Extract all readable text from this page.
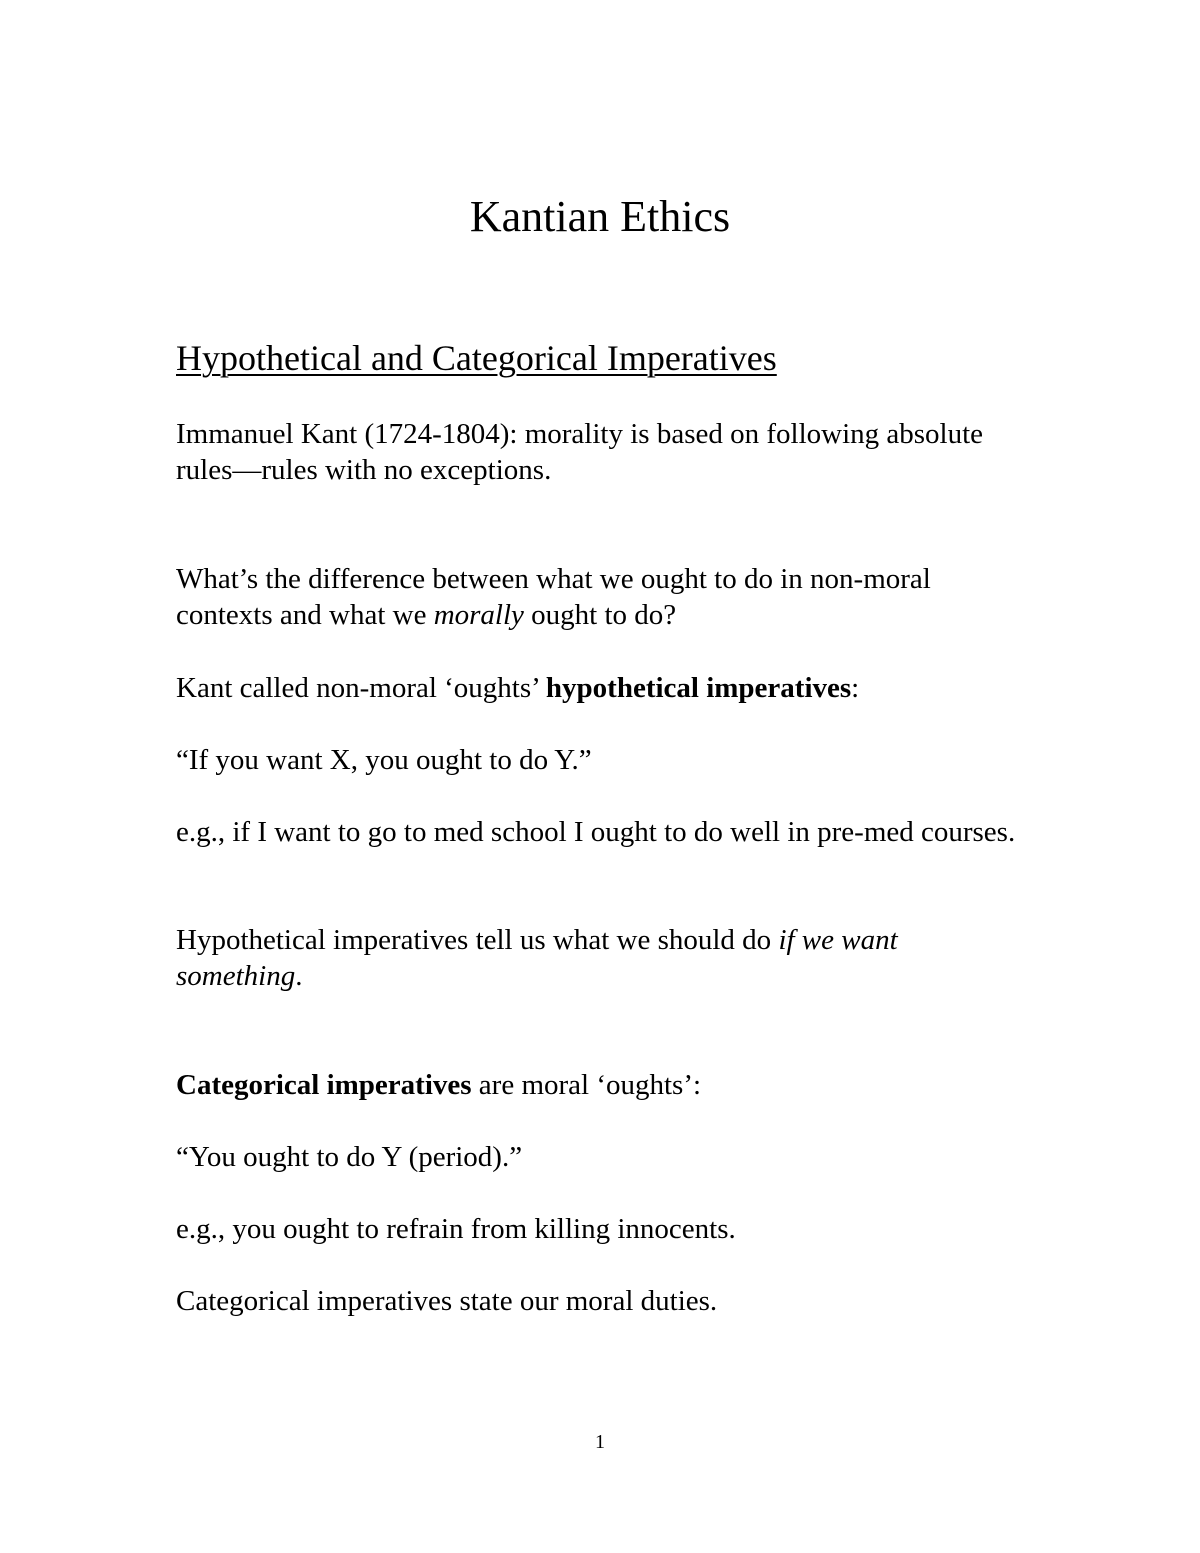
Kantian Ethics
Hypothetical and Categorical Imperatives

Immanuel Kant (1724-1804): morality is based on following absolute rules—rules with no exceptions.

What’s the difference between what we ought to do in non-moral contexts and what we morally ought to do?

Kant called non-moral ‘oughts’ hypothetical imperatives:

“If you want X, you ought to do Y.”

e.g., if I want to go to med school I ought to do well in pre-med courses.

Hypothetical imperatives tell us what we should do if we want something.

Categorical imperatives are moral ‘oughts’:

“You ought to do Y (period).”

e.g., you ought to refrain from killing innocents.

Categorical imperatives state our moral duties.

1
